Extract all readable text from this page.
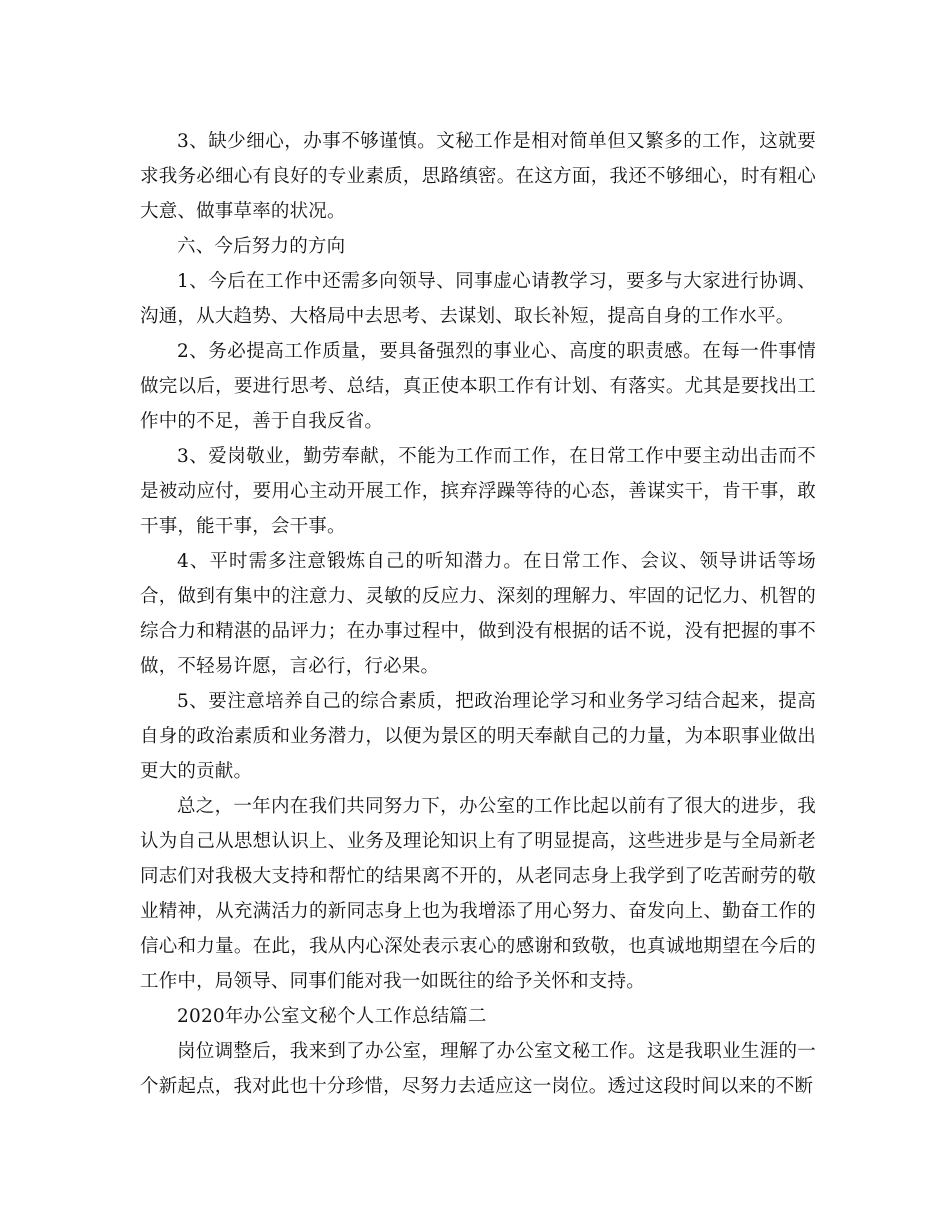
3、缺少细心，办事不够谨慎。文秘工作是相对简单但又繁多的工作，这就要求我务必细心有良好的专业素质，思路缜密。在这方面，我还不够细心，时有粗心大意、做事草率的状况。

六、今后努力的方向

1、今后在工作中还需多向领导、同事虚心请教学习，要多与大家进行协调、沟通，从大趋势、大格局中去思考、去谋划、取长补短，提高自身的工作水平。

2、务必提高工作质量，要具备强烈的事业心、高度的职责感。在每一件事情做完以后，要进行思考、总结，真正使本职工作有计划、有落实。尤其是要找出工作中的不足，善于自我反省。

3、爱岗敬业，勤劳奉献，不能为工作而工作，在日常工作中要主动出击而不是被动应付，要用心主动开展工作，摈弃浮躁等待的心态，善谋实干，肯干事，敢干事，能干事，会干事。

4、平时需多注意锻炼自己的听知潜力。在日常工作、会议、领导讲话等场合，做到有集中的注意力、灵敏的反应力、深刻的理解力、牢固的记忆力、机智的综合力和精湛的品评力；在办事过程中，做到没有根据的话不说，没有把握的事不做，不轻易许愿，言必行，行必果。

5、要注意培养自己的综合素质，把政治理论学习和业务学习结合起来，提高自身的政治素质和业务潜力，以便为景区的明天奉献自己的力量，为本职事业做出更大的贡献。

总之，一年内在我们共同努力下，办公室的工作比起以前有了很大的进步，我认为自己从思想认识上、业务及理论知识上有了明显提高，这些进步是与全局新老同志们对我极大支持和帮忙的结果离不开的，从老同志身上我学到了吃苦耐劳的敬业精神，从充满活力的新同志身上也为我增添了用心努力、奋发向上、勤奋工作的信心和力量。在此，我从内心深处表示衷心的感谢和致敬，也真诚地期望在今后的工作中，局领导、同事们能对我一如既往的给予关怀和支持。

2020年办公室文秘个人工作总结篇二

岗位调整后，我来到了办公室，理解了办公室文秘工作。这是我职业生涯的一个新起点，我对此也十分珍惜，尽努力去适应这一岗位。透过这段时间以来的不断
